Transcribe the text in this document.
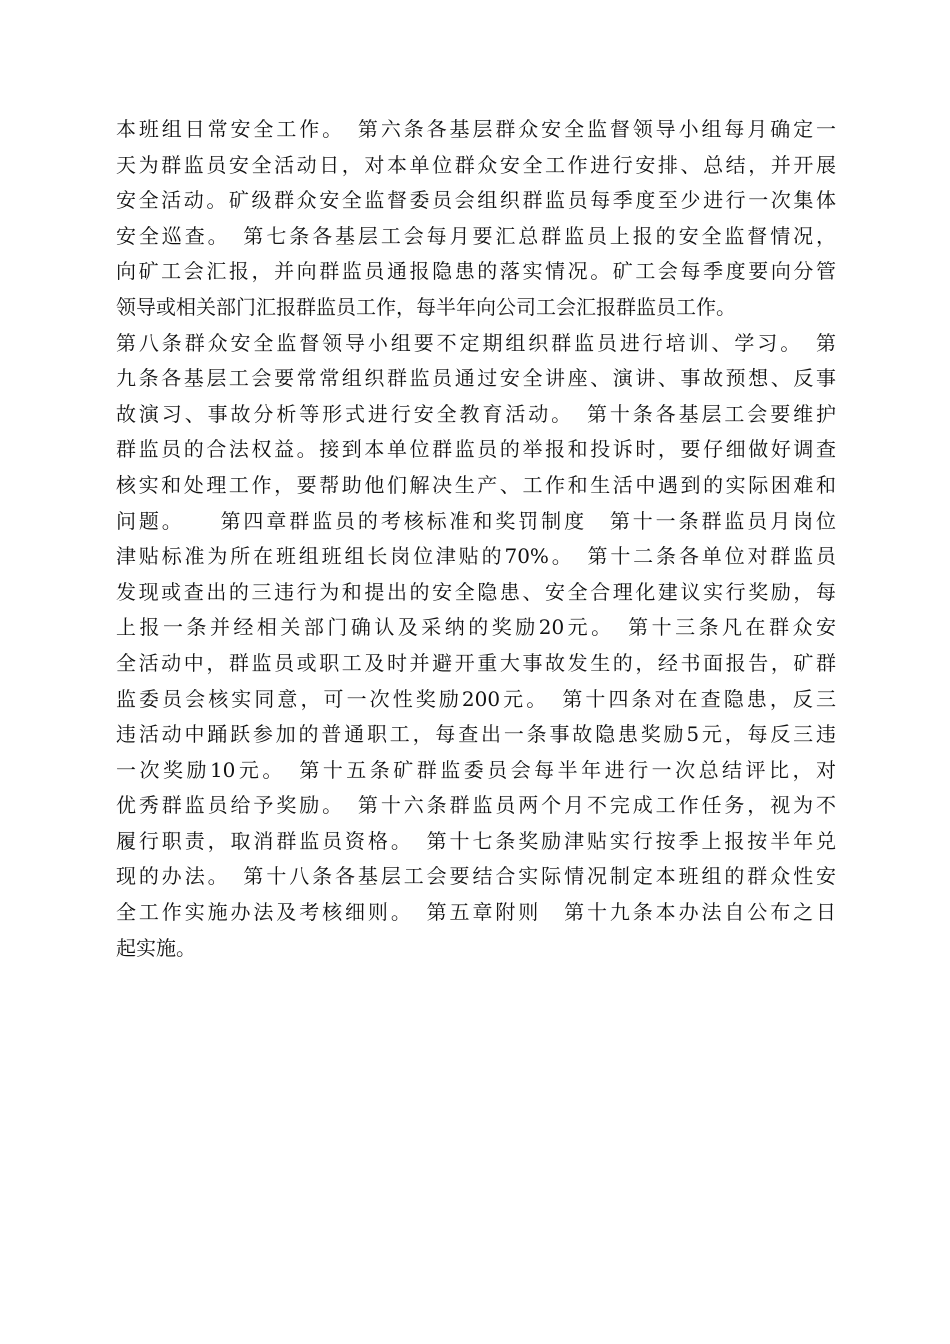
本班组日常安全工作。　第六条各基层群众安全监督领导小组每月确定一
天为群监员安全活动日，对本单位群众安全工作进行安排、总结，并开展
安全活动。矿级群众安全监督委员会组织群监员每季度至少进行一次集体
安全巡查。　第七条各基层工会每月要汇总群监员上报的安全监督情况，
向矿工会汇报，并向群监员通报隐患的落实情况。矿工会每季度要向分管
领导或相关部门汇报群监员工作，每半年向公司工会汇报群监员工作。
第八条群众安全监督领导小组要不定期组织群监员进行培训、学习。　第
九条各基层工会要常常组织群监员通过安全讲座、演讲、事故预想、反事
故演习、事故分析等形式进行安全教育活动。　第十条各基层工会要维护
群监员的合法权益。接到本单位群监员的举报和投诉时，要仔细做好调查
核实和处理工作，要帮助他们解决生产、工作和生活中遇到的实际困难和
问题。　　第四章群监员的考核标准和奖罚制度　第十一条群监员月岗位
津贴标准为所在班组班组长岗位津贴的70%。　第十二条各单位对群监员
发现或查出的三违行为和提出的安全隐患、安全合理化建议实行奖励，每
上报一条并经相关部门确认及采纳的奖励20元。　第十三条凡在群众安
全活动中，群监员或职工及时并避开重大事故发生的，经书面报告，矿群
监委员会核实同意，可一次性奖励200元。　第十四条对在查隐患，反三
违活动中踊跃参加的普通职工，每查出一条事故隐患奖励5元，每反三违
一次奖励10元。　第十五条矿群监委员会每半年进行一次总结评比，对
优秀群监员给予奖励。　第十六条群监员两个月不完成工作任务，视为不
履行职责，取消群监员资格。　第十七条奖励津贴实行按季上报按半年兑
现的办法。　第十八条各基层工会要结合实际情况制定本班组的群众性安
全工作实施办法及考核细则。　第五章附则　第十九条本办法自公布之日
起实施。
